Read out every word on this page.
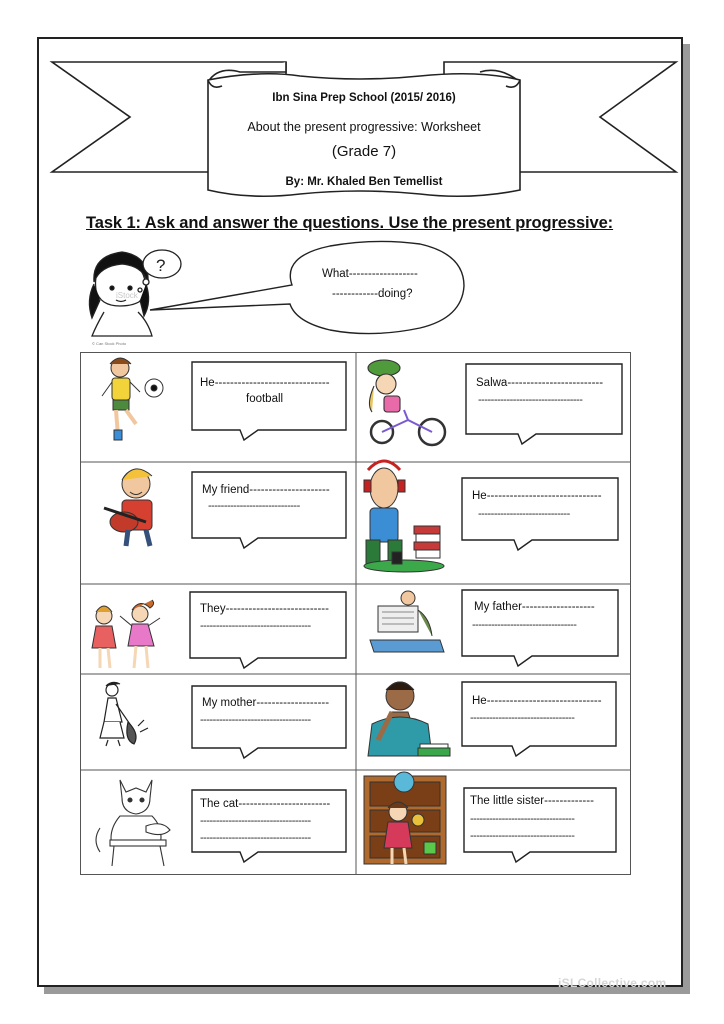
?
© Can Stock Photo
Ibn Sina Prep School (2015/ 2016)
About the present progressive: Worksheet
(Grade 7)
By: Mr. Khaled Ben Temellist
Task 1: Ask and answer the questions. Use the present progressive:
iStock
What------------------
------------doing?
He------------------------------
football
Salwa-------------------------
---------------------------------
My friend---------------------
-----------------------------
He------------------------------
-----------------------------
They---------------------------
-----------------------------------
My father-------------------
---------------------------------
My mother-------------------
-----------------------------------
He------------------------------
---------------------------------
The cat------------------------
-----------------------------------
-----------------------------------
The little sister-------------
---------------------------------
---------------------------------
iSLCollective.com
